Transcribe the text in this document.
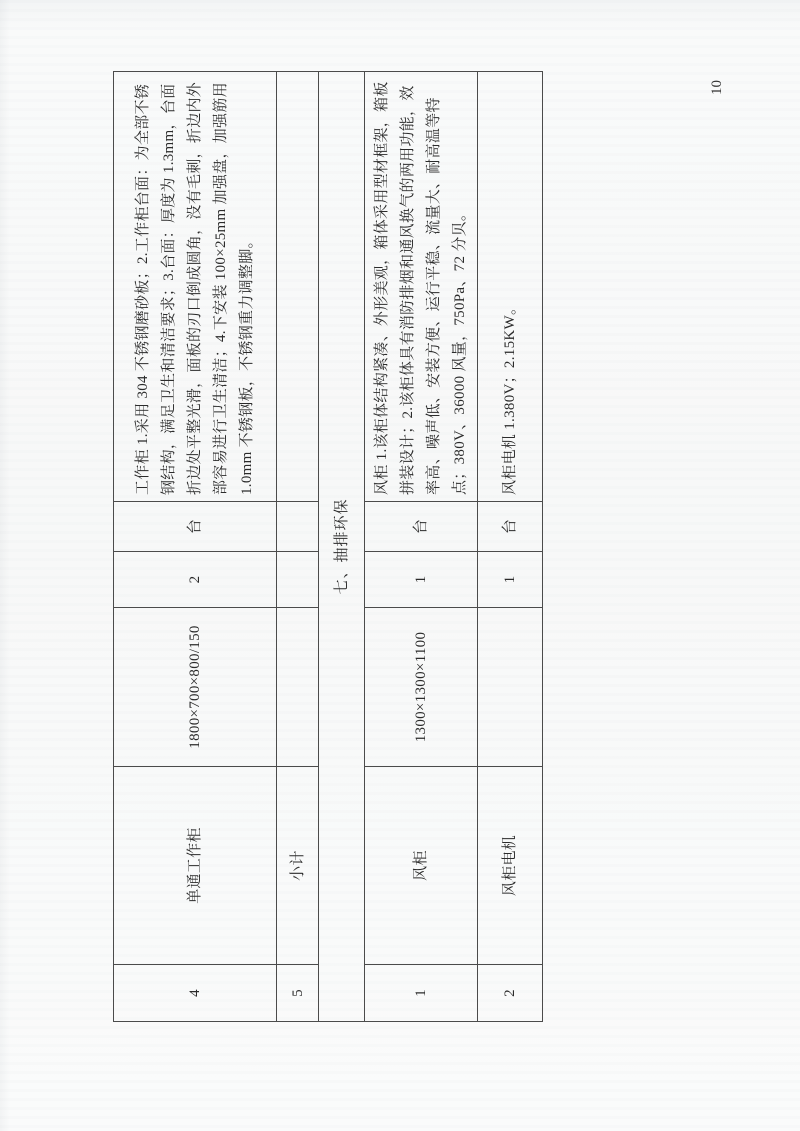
4	单通工作柜	1800×700×800/150	2	台	工作柜 1.采用 304 不锈钢磨砂板；2.工作柜台面：为全部不锈钢结构，满足卫生和清洁要求；3.台面：厚度为 1.3mm，台面折边处平整光滑，面板的刃口倒成圆角，没有毛刺，折边内外部容易进行卫生清洁；4.下安装 100×25mm 加强盘，加强筋用 1.0mm 不锈钢板，不锈钢重力调整脚。
5	小计				
七、抽排环保					
1	风柜	1300×1300×1100	1	台	风柜 1.该柜体结构紧凑、外形美观，箱体采用型材框架，箱板拼装设计；2.该柜体具有消防排烟和通风换气的两用功能，效率高、噪声低、安装方便、运行平稳、流量大、耐高温等特点；380V、36000 风量，750Pa、72 分贝。
2	风柜电机		1	台	风柜电机 1.380V；2.15KW。
10
